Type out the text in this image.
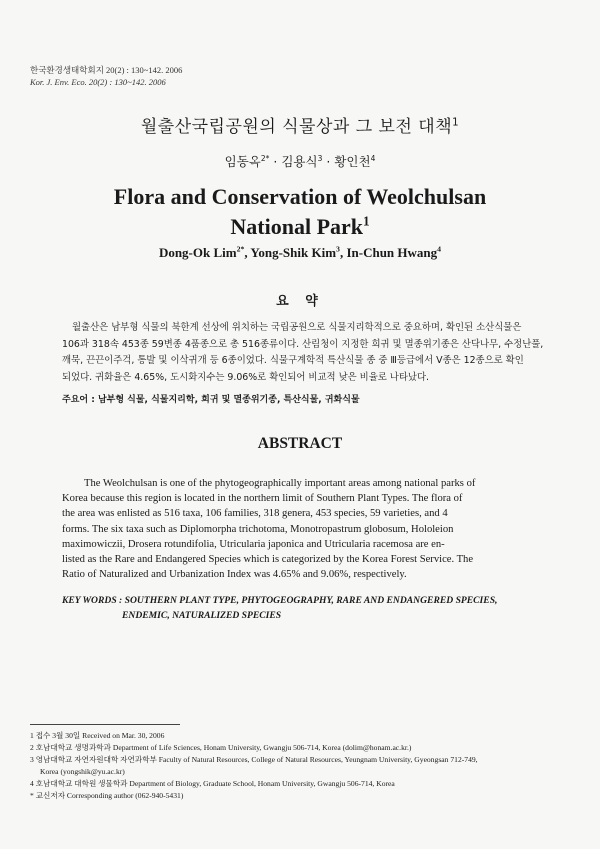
한국환경생태학회지 20(2) : 130~142. 2006
Kor. J. Env. Eco. 20(2) : 130~142. 2006
월출산국립공원의 식물상과 그 보전 대책$^1$
임동옥$^{2*}$ · 김용식$^3$ · 황인천$^4$
Flora and Conservation of Weolchulsan
National Park$^1$
Dong-Ok Lim$^{2*}$, Yong-Shik Kim$^3$, In-Chun Hwang$^4$
요 약
월출산은 남부형 식물의 북한계 선상에 위치하는 국립공원으로 식물지리학적으로 중요하며, 확인된 소산식물은
106과 318속 453종 59변종 4품종으로 총 516종류이다. 산림청이 지정한 희귀 및 멸종위기종은 산닥나무, 수정난풀,
깨묵, 끈끈이주걱, 통발 및 이삭귀개 등 6종이었다. 식물구계학적 특산식물 종 중 Ⅲ등급에서 Ⅴ종은 12종으로 확인
되었다. 귀화율은 4.65%, 도시화지수는 9.06%로 확인되어 비교적 낮은 비율로 나타났다.
주요어 : 남부형 식물, 식물지리학, 희귀 및 멸종위기종, 특산식물, 귀화식물
ABSTRACT
The Weolchulsan is one of the phytogeographically important areas among national parks of
Korea because this region is located in the northern limit of Southern Plant Types. The flora of
the area was enlisted as 516 taxa, 106 families, 318 genera, 453 species, 59 varieties, and 4
forms. The six taxa such as Diplomorpha trichotoma, Monotropastrum globosum, Hololeion
maximowiczii, Drosera rotundifolia, Utricularia japonica and Utricularia racemosa are en-
listed as the Rare and Endangered Species which is categorized by the Korea Forest Service. The
Ratio of Naturalized and Urbanization Index was 4.65% and 9.06%, respectively.
KEY WORDS : SOUTHERN PLANT TYPE, PHYTOGEOGRAPHY, RARE AND ENDANGERED SPECIES,
ENDEMIC, NATURALIZED SPECIES
1 접수 3월 30일 Received on Mar. 30, 2006
2 호남대학교 생명과학과 Department of Life Sciences, Honam University, Gwangju 506-714, Korea (dolim@honam.ac.kr.)
3 영남대학교 자연자원대학 자연과학부 Faculty of Natural Resources, College of Natural Resources, Yeungnam University, Gyeongsan 712-749,
Korea (yongshik@yu.ac.kr)
4 호남대학교 대학원 생물학과 Department of Biology, Graduate School, Honam University, Gwangju 506-714, Korea
* 교신저자 Corresponding author (062-940-5431)
